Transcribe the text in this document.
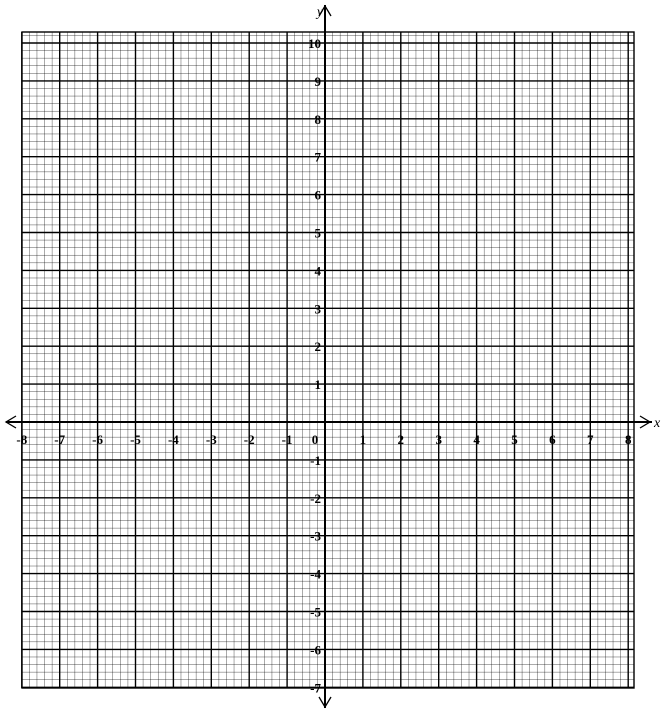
-8 -7 -6 -5 -4 -3 -2 -1 0	1 2 3 4 5 6 7 8
10
9
8
7
6
5
4
3
2
1
-1
-2
-3
-4
-5
-6
-7
x
y
